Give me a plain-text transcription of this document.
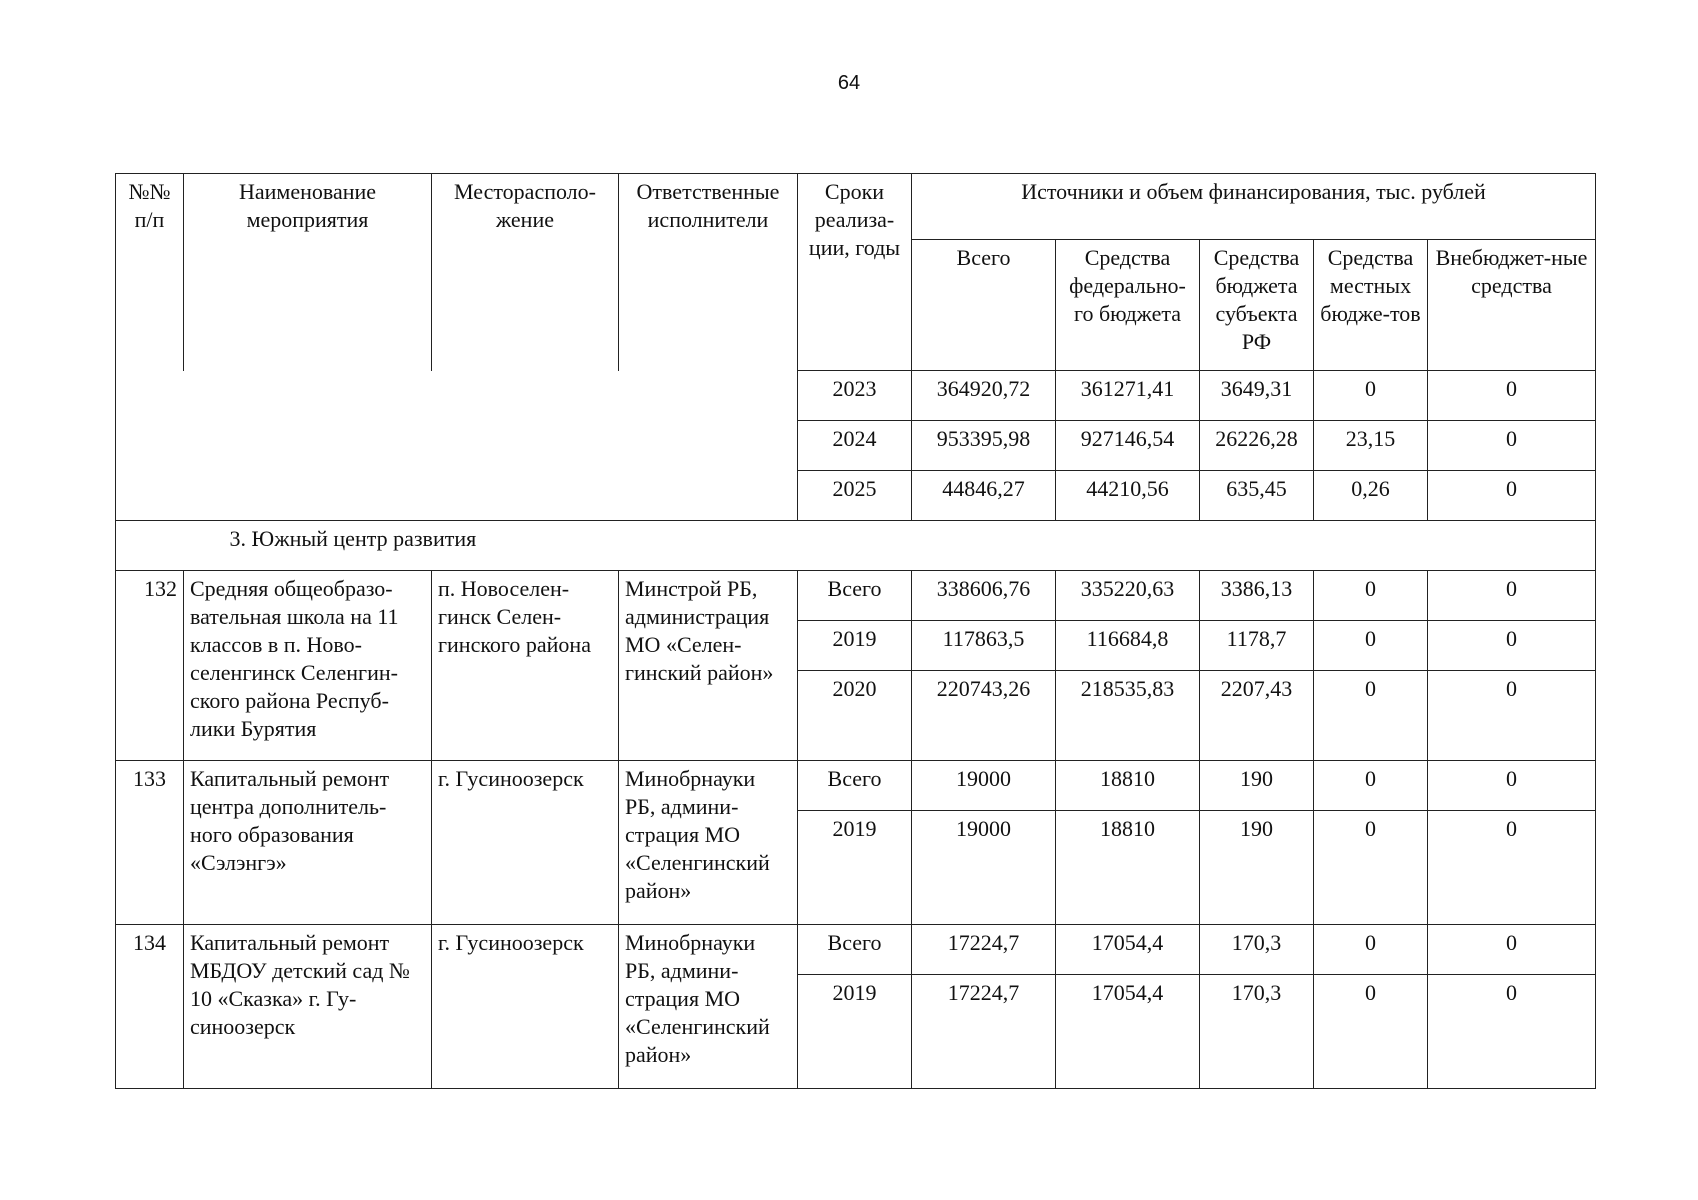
64
№№ п/п	Наименование мероприятия	Месторасполо-жение	Ответственные исполнители	Сроки реализа-ции, годы	Источники и объем финансирования, тыс. рублей				
					Всего	Средства федерально-го бюджета	Средства бюджета субъекта РФ	Средства местных бюдже-тов	Внебюджет-ные средства
				2023	364920,72	361271,41	3649,31	0	0
				2024	953395,98	927146,54	26226,28	23,15	0
				2025	44846,27	44210,56	635,45	0,26	0
	3. Южный центр развития								
132	Средняя общеобразо-вательная школа на 11 классов в п. Ново-селенгинск Селенгин-ского района Респуб-лики Бурятия	п. Новоселен-гинск Селен-гинского района	Минстрой РБ, администрация МО «Селен-гинский район»	Всего	338606,76	335220,63	3386,13	0	0
				2019	117863,5	116684,8	1178,7	0	0
				2020	220743,26	218535,83	2207,43	0	0
133	Капитальный ремонт центра дополнитель-ного образования «Сэлэнгэ»	г. Гусиноозерск	Минобрнауки РБ, админи-страция МО «Селенгинский район»	Всего	19000	18810	190	0	0
				2019	19000	18810	190	0	0
134	Капитальный ремонт МБДОУ детский сад № 10 «Сказка» г. Гу-синоозерск	г. Гусиноозерск	Минобрнауки РБ, админи-страция МО «Селенгинский район»	Всего	17224,7	17054,4	170,3	0	0
				2019	17224,7	17054,4	170,3	0	0
